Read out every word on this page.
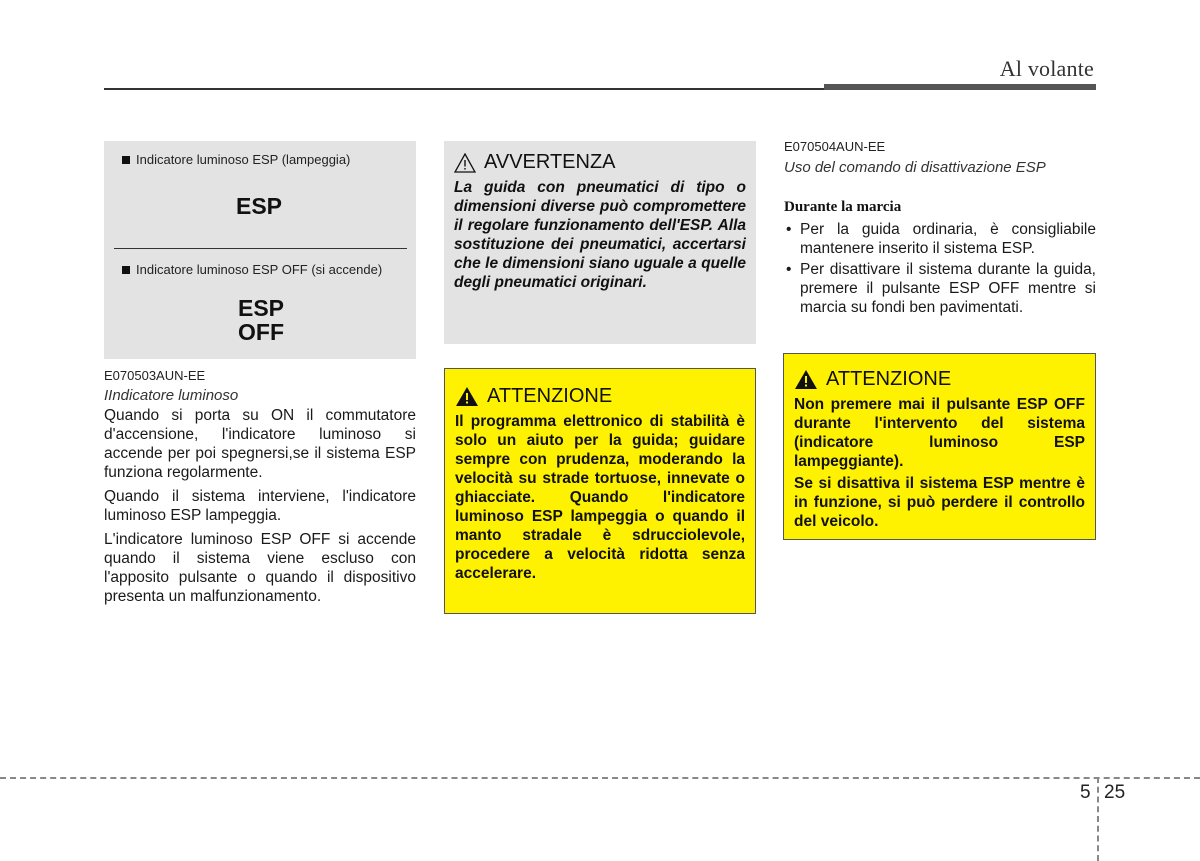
Al volante
Indicatore luminoso ESP (lampeggia)
ESP
Indicatore luminoso ESP OFF (si accende)
ESP
OFF
E070503AUN-EE
IIndicatore luminoso

Quando si porta su ON il commutatore d'accensione, l'indicatore luminoso si accende per poi spegnersi,se il sistema ESP funziona regolarmente.

Quando il sistema interviene, l'indicatore luminoso ESP lampeggia.

L'indicatore luminoso ESP OFF si accende quando il sistema viene escluso con l'apposito pulsante o quando il dispositivo presenta un malfunzionamento.

AVVERTENZA
La guida con pneumatici di tipo o dimensioni diverse può compromettere il regolare funzionamento dell'ESP. Alla sostituzione dei pneumatici, accertarsi che le dimensioni siano uguale a quelle degli pneumatici originari.
ATTENZIONE
Il programma elettronico di stabilità è solo un aiuto per la guida; guidare sempre con prudenza, moderando la velocità su strade tortuose, innevate o ghiacciate. Quando l'indicatore luminoso ESP lampeggia o quando il manto stradale è sdrucciolevole, procedere a velocità ridotta senza accelerare.
E070504AUN-EE
Uso del comando di disattivazione ESP
Durante la marcia
• Per la guida ordinaria, è consigliabile mantenere inserito il sistema ESP.
• Per disattivare il sistema durante la guida, premere il pulsante ESP OFF mentre si marcia su fondi ben pavimentati.
ATTENZIONE

Non premere mai il pulsante ESP OFF durante l'intervento del sistema (indicatore luminoso ESP lampeggiante).

Se si disattiva il sistema ESP mentre è in funzione, si può perdere il controllo del veicolo.

5 25
